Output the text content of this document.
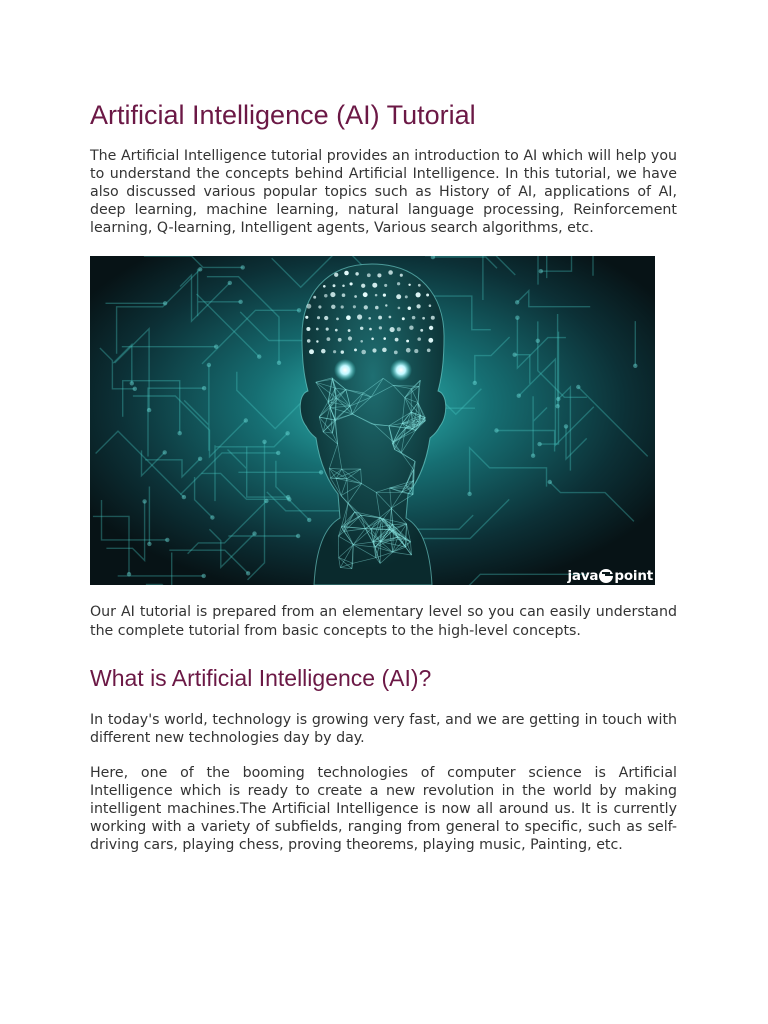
Artificial Intelligence (AI) Tutorial

The Artificial Intelligence tutorial provides an introduction to AI which will help you to understand the concepts behind Artificial Intelligence. In this tutorial, we have also discussed various popular topics such as History of AI, applications of AI, deep learning, machine learning, natural language processing, Reinforcement learning, Q-learning, Intelligent agents, Various search algorithms, etc.

java point

Our AI tutorial is prepared from an elementary level so you can easily understand the complete tutorial from basic concepts to the high-level concepts.

What is Artificial Intelligence (AI)?

In today's world, technology is growing very fast, and we are getting in touch with different new technologies day by day.

Here, one of the booming technologies of computer science is Artificial Intelligence which is ready to create a new revolution in the world by making intelligent machines.The Artificial Intelligence is now all around us. It is currently working with a variety of subfields, ranging from general to specific, such as self-driving cars, playing chess, proving theorems, playing music, Painting, etc.
